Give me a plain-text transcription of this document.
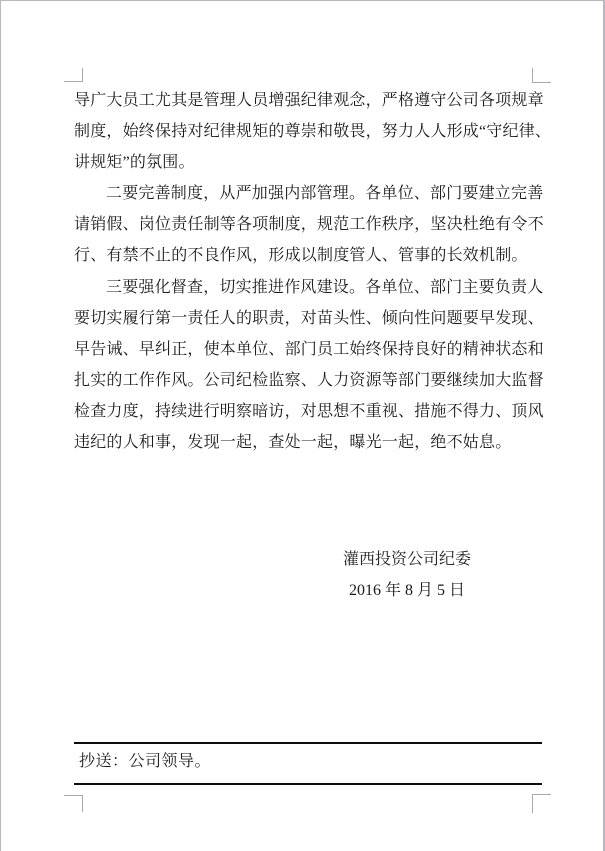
导广大员工尤其是管理人员增强纪律观念，严格遵守公司各项规章
制度，始终保持对纪律规矩的尊崇和敬畏，努力人人形成“守纪律、
讲规矩”的氛围。
二要完善制度，从严加强内部管理。各单位、部门要建立完善
请销假、岗位责任制等各项制度，规范工作秩序，坚决杜绝有令不
行、有禁不止的不良作风，形成以制度管人、管事的长效机制。
三要强化督查，切实推进作风建设。各单位、部门主要负责人
要切实履行第一责任人的职责，对苗头性、倾向性问题要早发现、
早告诫、早纠正，使本单位、部门员工始终保持良好的精神状态和
扎实的工作作风。公司纪检监察、人力资源等部门要继续加大监督
检查力度，持续进行明察暗访，对思想不重视、措施不得力、顶风
违纪的人和事，发现一起，查处一起，曝光一起，绝不姑息。
灌西投资公司纪委
2016 年 8 月 5 日
抄送：公司领导。
